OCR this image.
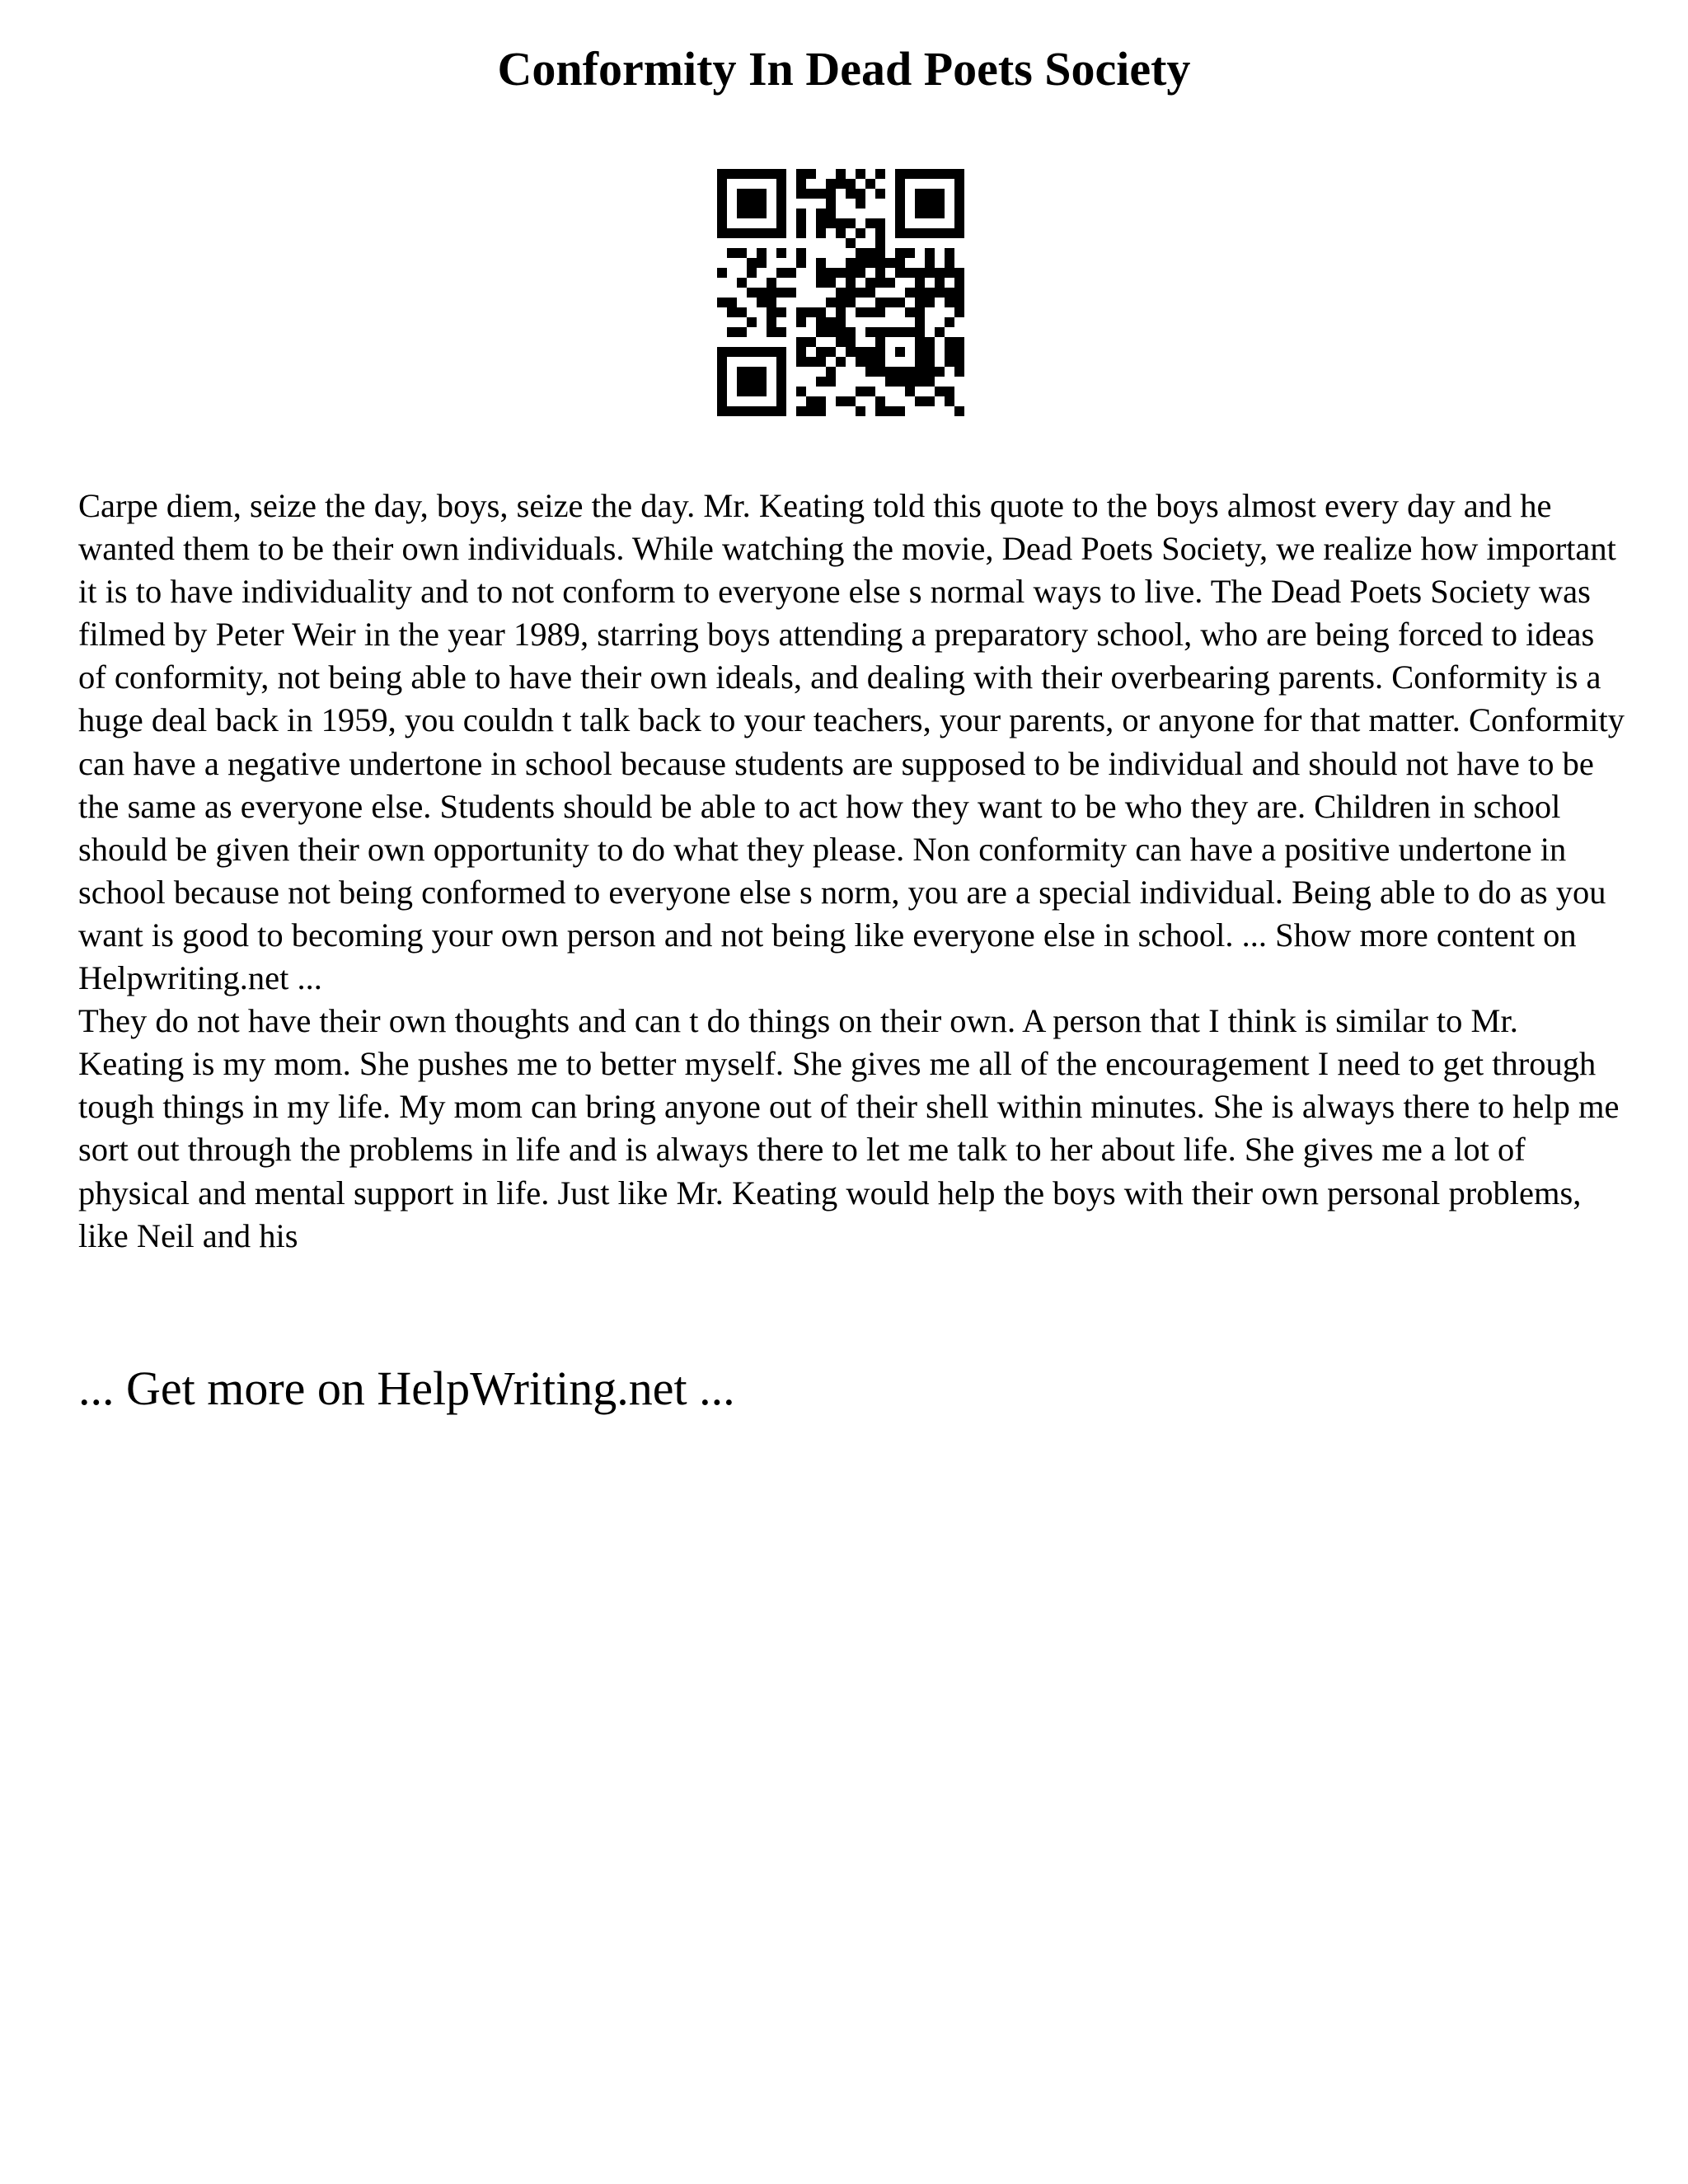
Conformity In Dead Poets Society

Carpe diem, seize the day, boys, seize the day. Mr. Keating told this quote to the boys almost every day and he wanted them to be their own individuals. While watching the movie, Dead Poets Society, we realize how important it is to have individuality and to not conform to everyone else s normal ways to live. The Dead Poets Society was filmed by Peter Weir in the year 1989, starring boys attending a preparatory school, who are being forced to ideas of conformity, not being able to have their own ideals, and dealing with their overbearing parents. Conformity is a huge deal back in 1959, you couldn t talk back to your teachers, your parents, or anyone for that matter. Conformity can have a negative undertone in school because students are supposed to be individual and should not have to be the same as everyone else. Students should be able to act how they want to be who they are. Children in school should be given their own opportunity to do what they please. Non conformity can have a positive undertone in school because not being conformed to everyone else s norm, you are a special individual. Being able to do as you want is good to becoming your own person and not being like everyone else in school. ... Show more content on Helpwriting.net ...

They do not have their own thoughts and can t do things on their own. A person that I think is similar to Mr. Keating is my mom. She pushes me to better myself. She gives me all of the encouragement I need to get through tough things in my life. My mom can bring anyone out of their shell within minutes. She is always there to help me sort out through the problems in life and is always there to let me talk to her about life. She gives me a lot of physical and mental support in life. Just like Mr. Keating would help the boys with their own personal problems, like Neil and his

... Get more on HelpWriting.net ...
